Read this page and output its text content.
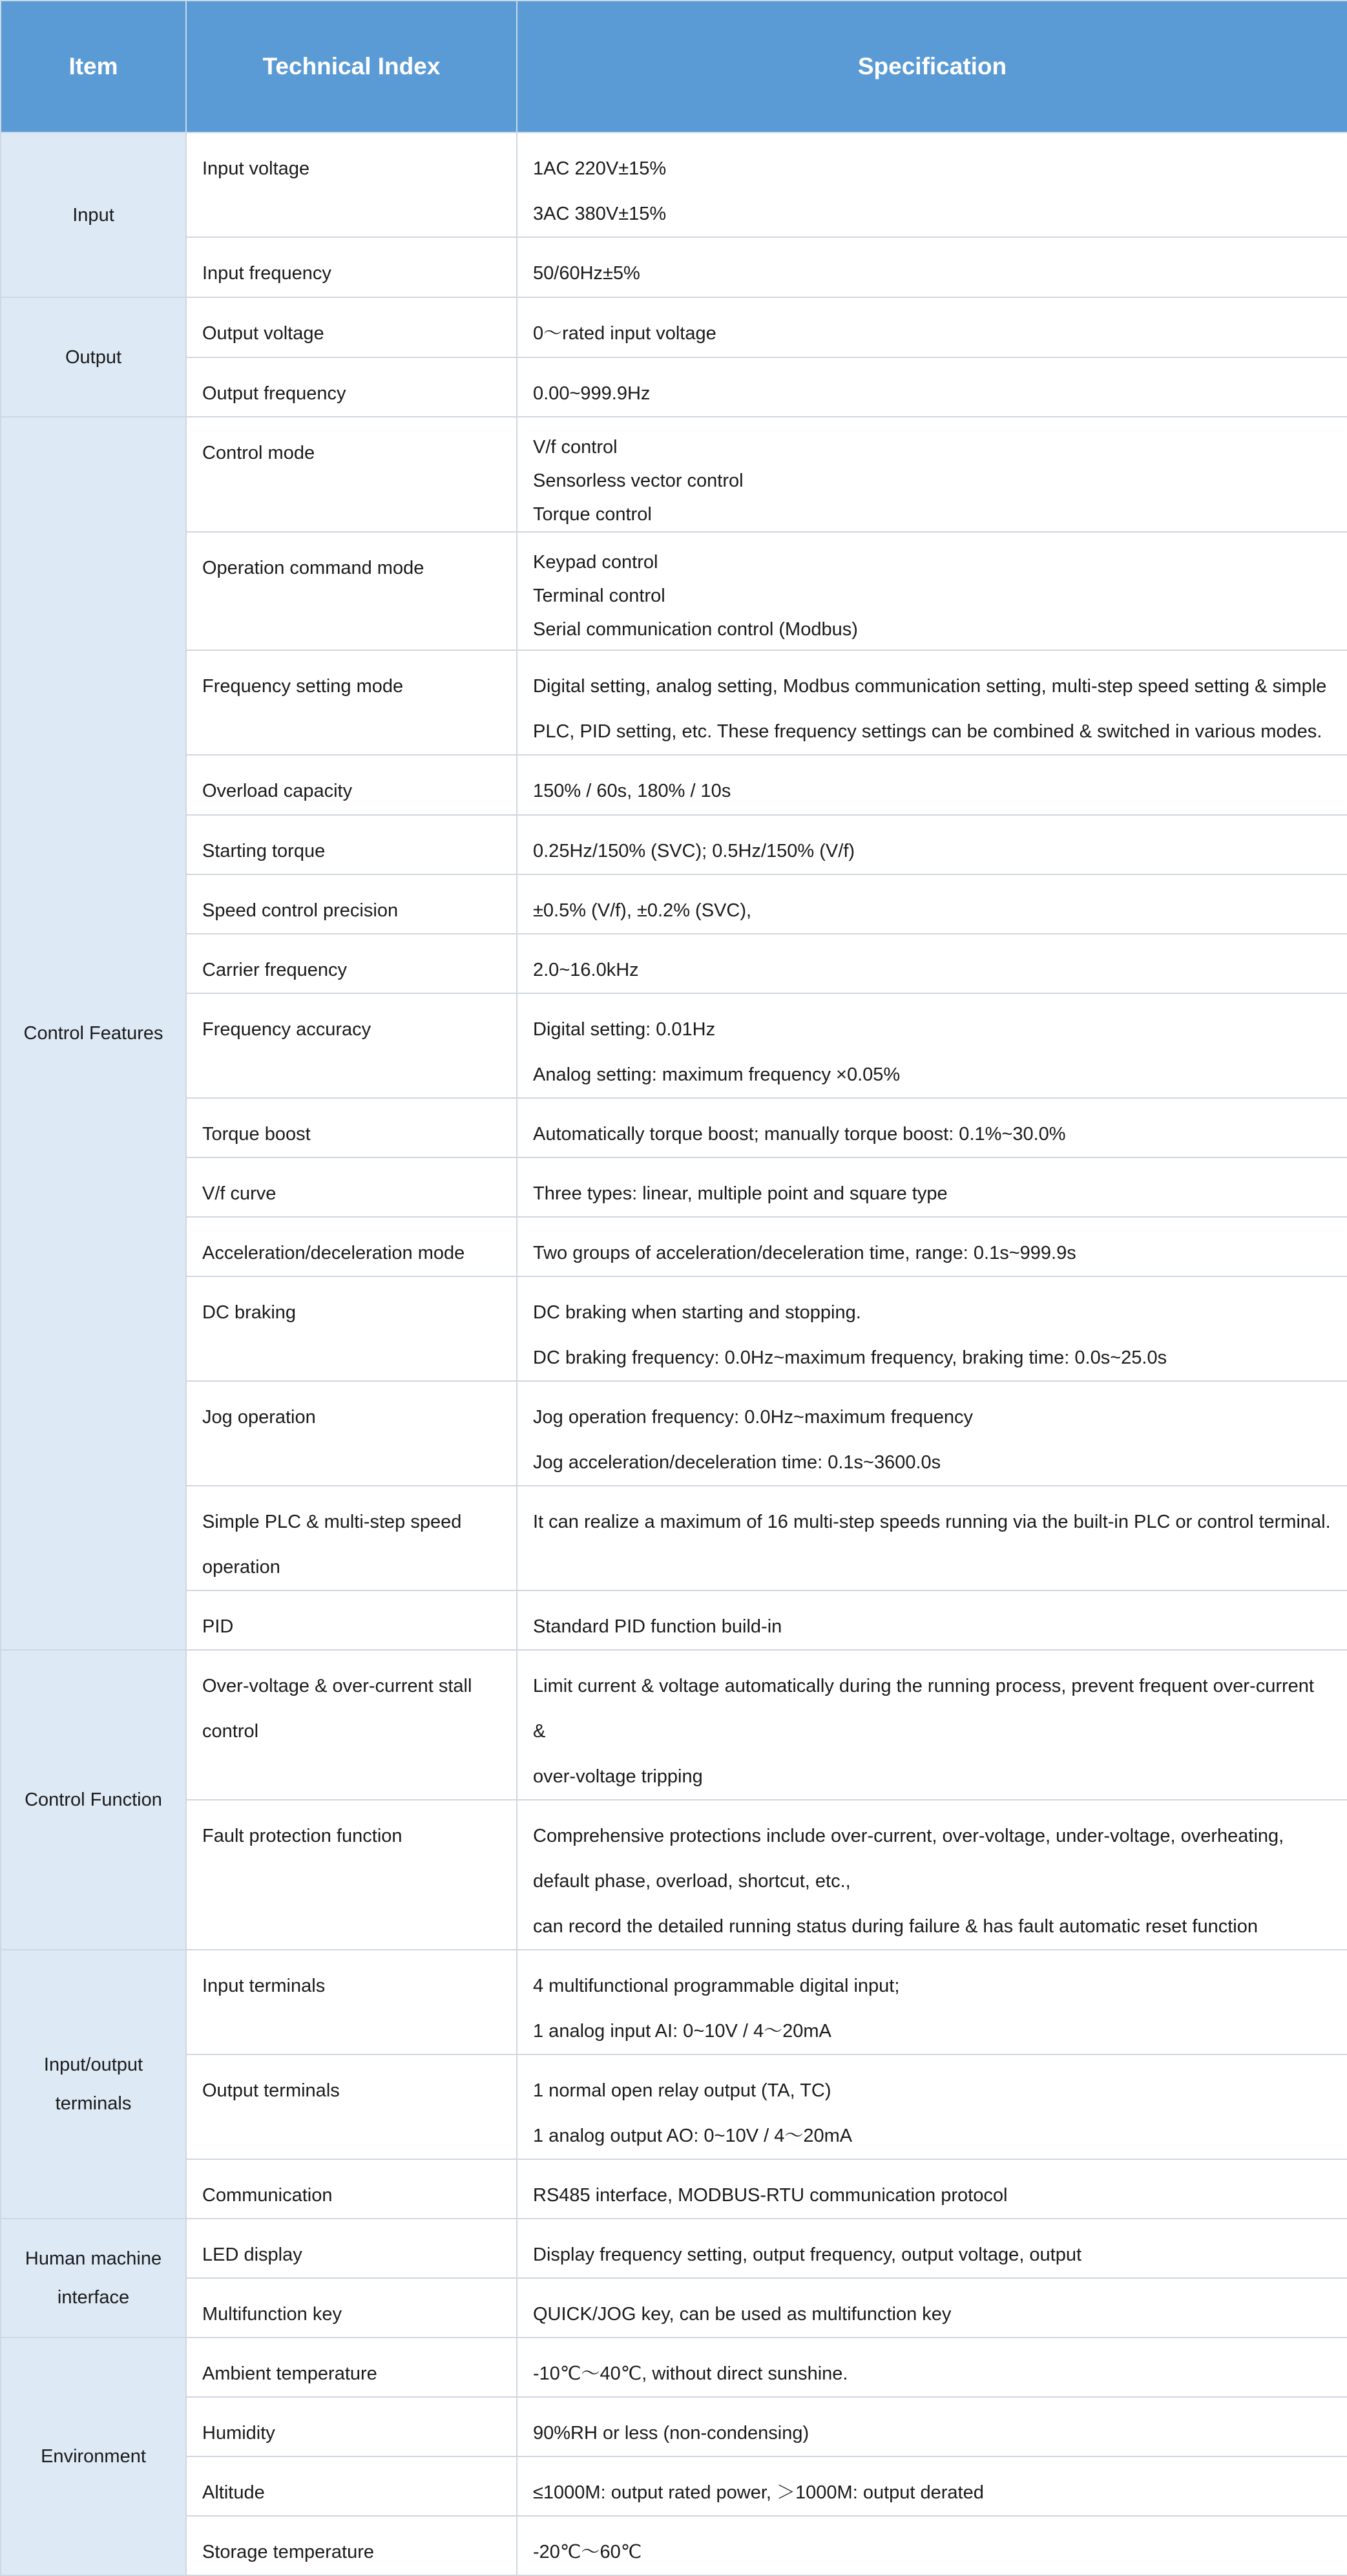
Item	Technical Index	Specification
Input	Input voltage	1AC 220V±15%
3AC 380V±15%

	Input frequency	50/60Hz±5%

Output	Output voltage	0～rated input voltage

	Output frequency	0.00~999.9Hz

Control Features	Control mode	V/f control
Sensorless vector control
Torque control

	Operation command mode	Keypad control
Terminal control
Serial communication control (Modbus)

	Frequency setting mode	Digital setting, analog setting, Modbus communication setting, multi-step speed setting & simple
PLC, PID setting, etc. These frequency settings can be combined & switched in various modes.

	Overload capacity	150% / 60s, 180% / 10s

	Starting torque	0.25Hz/150% (SVC); 0.5Hz/150% (V/f)

	Speed control precision	±0.5% (V/f), ±0.2% (SVC),

	Carrier frequency	2.0~16.0kHz

	Frequency accuracy	Digital setting: 0.01Hz
Analog setting: maximum frequency ×0.05%

	Torque boost	Automatically torque boost; manually torque boost: 0.1%~30.0%

	V/f curve	Three types: linear, multiple point and square type

	Acceleration/deceleration mode	Two groups of acceleration/deceleration time, range: 0.1s~999.9s

	DC braking	DC braking when starting and stopping.
DC braking frequency: 0.0Hz~maximum frequency, braking time: 0.0s~25.0s

	Jog operation	Jog operation frequency: 0.0Hz~maximum frequency
Jog acceleration/deceleration time: 0.1s~3600.0s

	Simple PLC & multi-step speed operation	It can realize a maximum of 16 multi-step speeds running via the built-in PLC or control terminal.

	PID	Standard PID function build-in

Control Function	Over-voltage & over-current stall control	Limit current & voltage automatically during the running process, prevent frequent over-current &
over-voltage tripping

	Fault protection function	Comprehensive protections include over-current, over-voltage, under-voltage, overheating,
default phase, overload, shortcut, etc.,
can record the detailed running status during failure & has fault automatic reset function

Input/output terminals	Input terminals	4 multifunctional programmable digital input;
1 analog input AI: 0~10V / 4～20mA

	Output terminals	1 normal open relay output (TA, TC)
1 analog output AO: 0~10V / 4～20mA

	Communication	RS485 interface, MODBUS-RTU communication protocol

Human machine interface	LED display	Display frequency setting, output frequency, output voltage, output

	Multifunction key	QUICK/JOG key, can be used as multifunction key

Environment	Ambient temperature	-10℃～40℃, without direct sunshine.

	Humidity	90%RH or less (non-condensing)

	Altitude	≤1000M: output rated power, ＞1000M: output derated

	Storage temperature	-20℃～60℃
